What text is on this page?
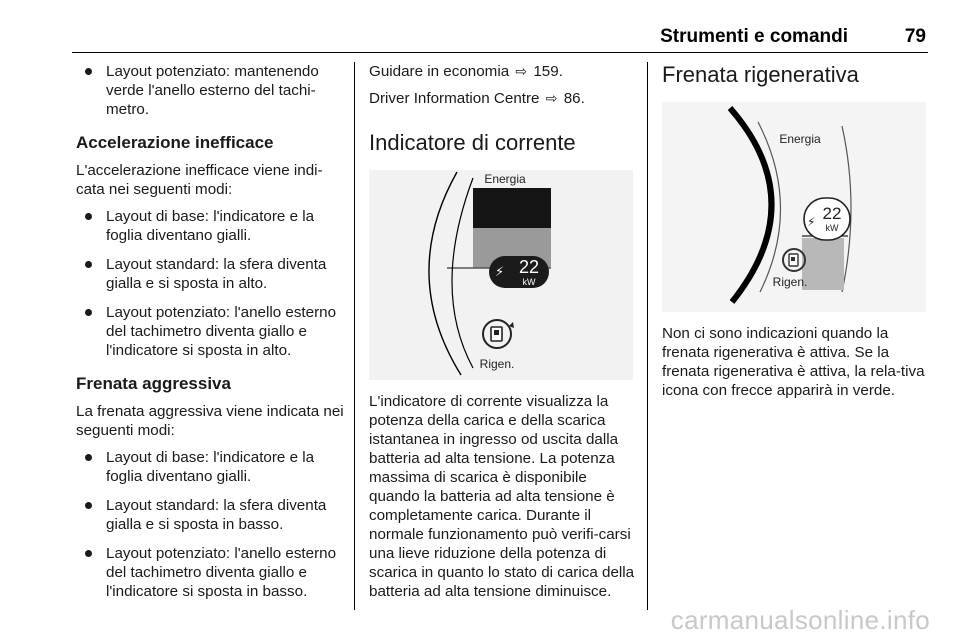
Strumenti e comandi	79
Layout potenziato: mantenendo verde l'anello esterno del tachi-metro.
Accelerazione inefficace
L'accelerazione inefficace viene indi-cata nei seguenti modi:
Layout di base: l'indicatore e la foglia diventano gialli.
Layout standard: la sfera diventa gialla e si sposta in alto.
Layout potenziato: l'anello esterno del tachimetro diventa giallo e l'indicatore si sposta in alto.
Frenata aggressiva
La frenata aggressiva viene indicata nei seguenti modi:
Layout di base: l'indicatore e la foglia diventano gialli.
Layout standard: la sfera diventa gialla e si sposta in basso.
Layout potenziato: l'anello esterno del tachimetro diventa giallo e l'indicatore si sposta in basso.
Guidare in economia ⇨ 159.
Driver Information Centre ⇨ 86.
Indicatore di corrente
Energia
⚡ 22
kW
Rigen.
L'indicatore di corrente visualizza la potenza della carica e della scarica istantanea in ingresso od uscita dalla batteria ad alta tensione. La potenza massima di scarica è disponibile quando la batteria ad alta tensione è completamente carica. Durante il normale funzionamento può verifi-carsi una lieve riduzione della potenza di scarica in quanto lo stato di carica della batteria ad alta tensione diminuisce.
Frenata rigenerativa
Energia
⚡ 22
kW
Rigen.
Non ci sono indicazioni quando la frenata rigenerativa è attiva. Se la frenata rigenerativa è attiva, la rela-tiva icona con frecce apparirà in verde.
carmanualsonline.info
